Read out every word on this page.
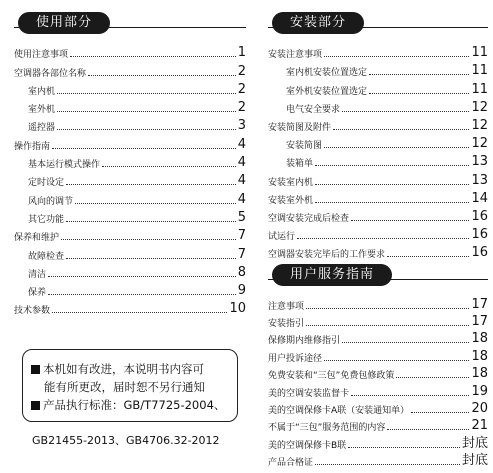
使用部分
使用注意事项	1
空调器各部位名称	2
室内机	2
室外机	2
遥控器	3
操作指南	4
基本运行模式操作	4
定时设定	4
风向的调节	4
其它功能	5
保养和维护	7
故障检查	7
清洁	8
保养	9
技术参数	10
安装部分
安装注意事项	11
室内机安装位置选定	11
室外机安装位置选定	11
电气安全要求	12
安装简图及附件	12
安装简图	12
装箱单	13
安装室内机	13
安装室外机	14
空调安装完成后检查	16
试运行	16
空调器安装完毕后的工作要求	16
用户服务指南
注意事项	17
安装指引	17
保修期内维修指引	18
用户投诉途径	18
免费安装和“三包”免费包修政策	18
美的空调安装监督卡	19
美的空调保修卡A联（安装通知单）	20
不属于“三包”服务范围的内容	21
美的空调保修卡B联	封底
产品合格证	封底
本机如有改进，本说明书内容可
能有所更改，届时恕不另行通知
产品执行标准：GB/T7725-2004、
GB21455-2013、GB4706.32-2012
